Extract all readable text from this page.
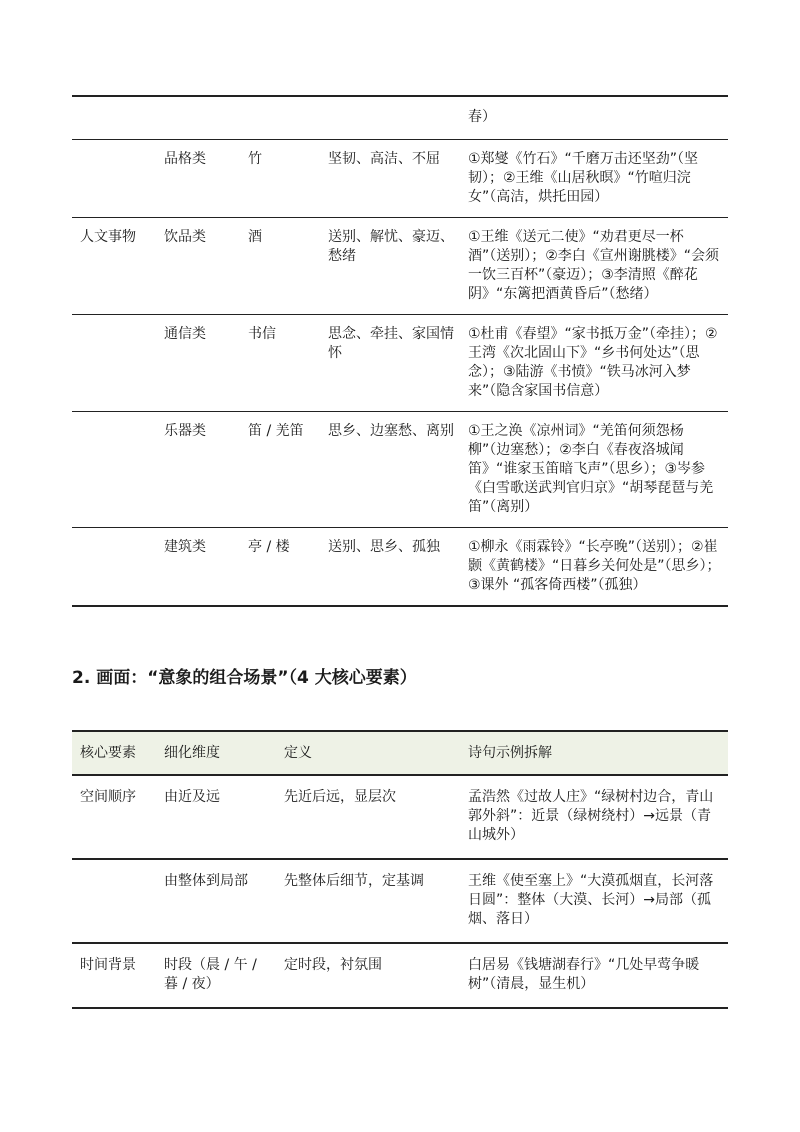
				春）
	品格类	竹	坚韧、高洁、不屈	①郑燮《竹石》“千磨万击还坚劲”（坚韧）；②王维《山居秋暝》“竹喧归浣女”（高洁，烘托田园）
人文事物	饮品类	酒	送别、解忧、豪迈、愁绪	①王维《送元二使》“劝君更尽一杯酒”（送别）；②李白《宣州谢朓楼》“会须一饮三百杯”（豪迈）；③李清照《醉花阴》“东篱把酒黄昏后”（愁绪）
	通信类	书信	思念、牵挂、家国情怀	①杜甫《春望》“家书抵万金”（牵挂）；②王湾《次北固山下》“乡书何处达”（思念）；③陆游《书愤》“铁马冰河入梦来”（隐含家国书信意）
	乐器类	笛 / 羌笛	思乡、边塞愁、离别	①王之涣《凉州词》“羌笛何须怨杨柳”（边塞愁）；②李白《春夜洛城闻笛》“谁家玉笛暗飞声”（思乡）；③岑参《白雪歌送武判官归京》“胡琴琵琶与羌笛”（离别）
	建筑类	亭 / 楼	送别、思乡、孤独	①柳永《雨霖铃》“长亭晚”（送别）；②崔颢《黄鹤楼》“日暮乡关何处是”（思乡）；③课外 “孤客倚西楼”（孤独）
2. 画面：“意象的组合场景”（4 大核心要素）
核心要素	细化维度	定义	诗句示例拆解
空间顺序	由近及远	先近后远，显层次	孟浩然《过故人庄》“绿树村边合，青山郭外斜”：近景（绿树绕村）→远景（青山城外）
	由整体到局部	先整体后细节，定基调	王维《使至塞上》“大漠孤烟直，长河落日圆”：整体（大漠、长河）→局部（孤烟、落日）
时间背景	时段（晨 / 午 / 暮 / 夜）	定时段，衬氛围	白居易《钱塘湖春行》“几处早莺争暖树”（清晨，显生机）
